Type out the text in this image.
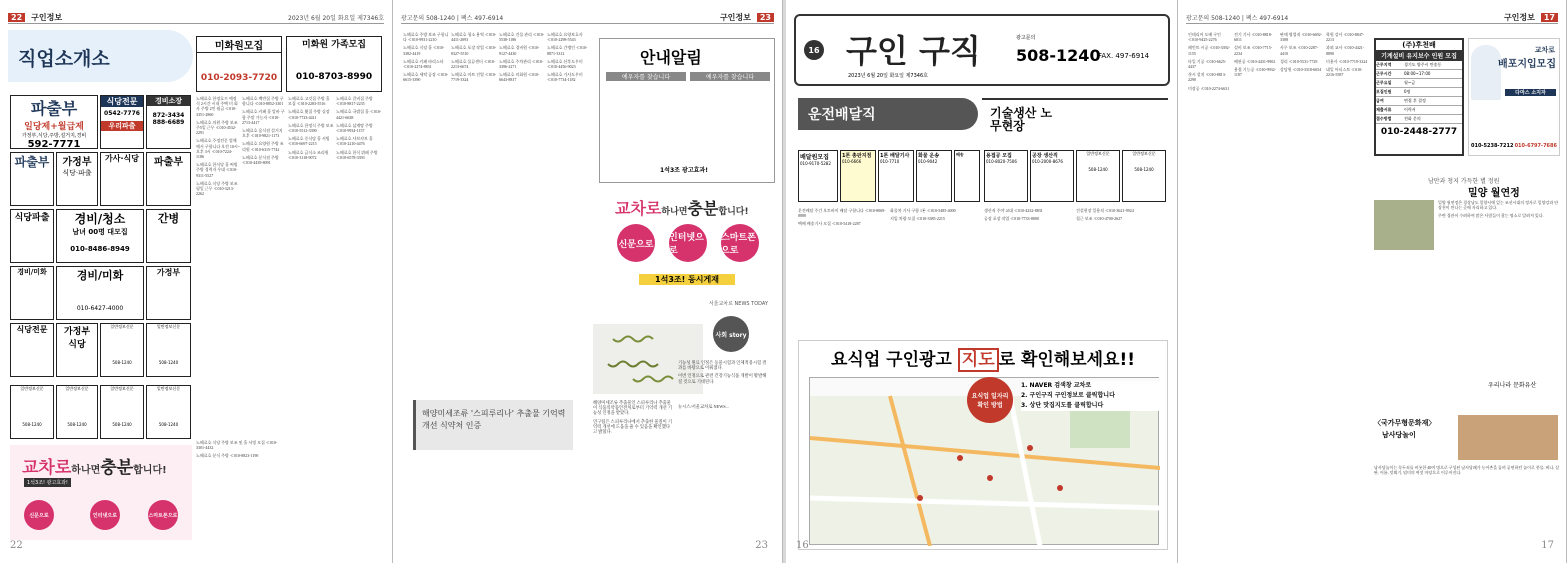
22	구인정보	2023년 6월 20일 화요일 제7346호
직업소개소
파출부
일당제+월급제
가정부,식당,주방,설거지,경비
592-7771
식당전문
0542-7776
우리파출
경비소장
872-3434
888-6689
파출부	가정부
식당·파출
가사·식당	파출부
식당파출	경비/청소
남녀 00명 대모집
010-8486-8949
간병
경비/미화	경비/미화
010-6427-4000
가정부
식당전문	가정부
식당
일반정보신문
508-1240
일반정보신문
508-1240
일반정보신문
508-1240
일반정보신문
508-1240
일반정보신문
508-1240
일반정보신문
508-1240
미화원모집
010-2093-7720
미화원 가족모집
010-8703-8990

노해료호 한정호프 예정식 2시간 시내 주택 미 회사 주방 2인 월급 ≪010-3351-2860

노해료호 의원 주방 보조 주5일 근무 ≪010-4532-2291

노해료호 주정전문 업체에서 구합니다 오전 10시~오후 3시 ≪010-7224-1186

노해료호 한식당 홀 써빙 주방 경력자 우대 ≪010-9311-5527

노해료호 식당 주방 보조 평일 근무 ≪010-3213-2262

노해료호 백반집 주방 구합니다 ≪010-8852-3301

노해료호 카페 홀 알바 구함 주말 가능자 ≪010-2713-4417

노해료호 음식점 설거지 오후 ≪010-9821-1173

노해료호 요양원 주방 조리원 ≪010-6315-7742

노해료호 분식점 주방 ≪010-4439-8091

노해료호 고깃집 주방 홀 모집 ≪010-2283-5516

노해료호 횟집 주방 실장 ≪010-7723-4411

노해료호 한정식 주방 보조 ≪010-5512-3390

노해료호 중식당 홀 서빙 ≪010-6697-2215

노해료호 급식소 조리원 ≪010-3118-9072

노해료호 갈비집 주방 ≪010-8817-2235

노해료호 국밥집 홀 ≪010-4421-6638

노해료호 삼계탕 주방 ≪010-9934-1157

노해료호 샤브샤브 홀 ≪010-2210-4476

노해료호 한식 뷔페 주방 ≪010-6578-3393

노해료호 식당 주방 보조 및 홀 서빙 모집 ≪010-3301-4432

노해료호 분식 주방 ≪010-8823-1190

교차로하나면충분합니다!
1석3조! 광고효과!
신문으로	인터넷으로	스마트폰으로
22
광고문의 508-1240 | 팩스 497-6914	구인정보	23

노해료호 주방 보조 구합니다 ≪010-9931-2210

노해료호 식당 홀 ≪010-3382-4419

노해료호 카페 바리스타 ≪010-2274-8831

노해료호 세탁 공장 ≪010-6615-3390

노해료호 청소 용역 ≪010-4411-2093

노해료호 포장 작업 ≪010-8327-5510

노해료호 물류센터 ≪010-2213-6674

노해료호 마트 진열 ≪010-7719-3324

노해료호 건물 관리 ≪010-5538-1186

노해료호 경비원 ≪010-9127-4430

노해료호 주차관리 ≪010-3396-2271

노해료호 미화원 ≪010-6643-8817

노해료호 요양보호사 ≪010-2298-5543

노해료호 간병인 ≪010-8871-3312

노해료호 산후도우미 ≪010-4456-9023

노해료호 가사도우미 ≪010-7734-1182

안내알림
예우자를 찾습니다	예우자를 찾습니다
1석3조 광고효과!
교차로하나면충분합니다!
신문으로
인터넷으로
스마트폰으로
1석3조! 동시게재
서울교차로 NEWS TODAY
사회 story
해양미세조류 '스피루리나' 추출물 기억력 개선 식약처 인증

해양미세조류 추출물인 스피루리나 추출물이 식품의약품안전처로부터 기억력 개선 기능성 인정을 받았다.

연구팀은 스피루리나에서 추출한 물질이 기억력 개선에 도움을 줄 수 있음을 확인했다고 밝혔다.

기능성 원료 인정은 동물시험과 인체적용시험 결과를 바탕으로 이뤄졌다.

이번 인정으로 관련 건강기능식품 개발이 활발해질 것으로 기대된다.

뉴시스/서울교차로 NEWS...

23
16 구인 구직
2023년 6월 20일 화요일 제7346호
광고문의
508-1240
FAX. 497-6914
운전배달직	기술생산 노무현장
배달원모집
010-9170-5282
1톤 총판지점
010-6666
1톤 배달기사
010-7710
화물 운송
010-9042
배송	용접공 모집
010-8020-7506
공장 생산직
010-2000-8676
일반정보신문

508-1240
일반정보신문

508-1240

운전배달 주간 오토바이 배달 구합니다 ≪010-8069-8888

택배 배송기사 모집 ≪010-5418-2287

화물차 기사 구함 1톤 ≪010-5485-4000

지입 차량 모집 ≪010-3385-2215

생산직 주야 교대 ≪010-4232-8831

공장 포장 작업 ≪010-7733-8800

건설현장 일용직 ≪010-3621-9924

철근 보조 ≪010-4700-2627

요식업 구인광고 지도 로 확인해보세요!!
요식업 일자리 확인 방법
1. NAVER 검색창 교차로
2. 구인구직 구인정보로 클릭합니다
3. 상단 맛집지도를 클릭합니다
16
광고문의 508-1240 | 팩스 497-6914	구인정보	17

인테리어 도배 구인 ≪010-9425-2276

페인트 시공 ≪010-3392-1155

타일 기공 ≪010-6625-4437

샷시 설치 ≪010-8813-2290

미장공 ≪010-2274-6631

전기 기사 ≪010-8818-6011

설비 보조 ≪010-7715-2234

배관공 ≪010-4431-9902

용접 기능공 ≪010-9932-1187

판매 영업직 ≪010-6692-3308

사무 보조 ≪010-2287-4410

경리 ≪010-5531-7729

상담원 ≪010-3318-6654

학원 강사 ≪010-8847-2213

과외 교사 ≪010-4421-8890

미용사 ≪010-7719-3324

네일 아티스트 ≪010-2216-5587

(주)후천배
기계설비 유지보수 인원 모집
근무지역	경기도 양주시 만송동
근무시간	08:00~17:00
근무요일	월~금
모집인원	0명
급여	면접 후 결정
제출서류	이력서
접수방법	전화 문의
010-2448-2777
교차로
배포지입모집
다마스 소지자
010-5238-7212 010-6797-7686
남만과 청지 가득한 별 정원
밀양 월연정

밀양 월연정은 경상남도 밀양시에 있는 조선시대의 정자로 밀양강과 단장천이 만나는 곳에 자리하고 있다.

주변 경관이 수려하여 많은 사람들이 찾는 명소로 알려져 있다.

우리나라 문화유산
〈국가무형문화재〉
남사당놀이

남사당놀이는 꼭두쇠를 비롯한 40여 명으로 구성된 남사당패가 농어촌을 돌며 공연하던 놀이로 풍물, 버나, 살판, 어름, 덧뵈기, 덜미의 여섯 마당으로 이루어진다.

17
